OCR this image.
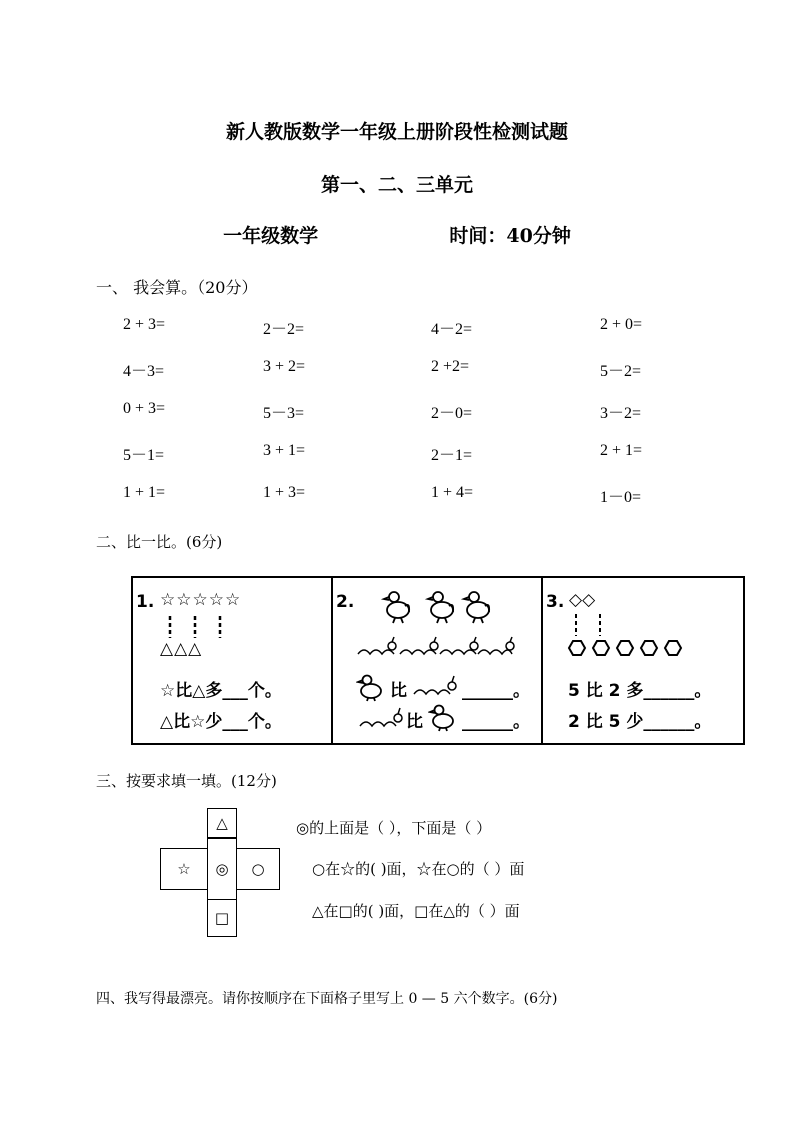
新人教版数学一年级上册阶段性检测试题
第一、二、三单元
一年级数学	时间：40分钟
一、 我会算。（20分）
2 + 3=	2－2=	4－2=	2 + 0=
4－3=	3 + 2=	2 +2=	5－2=
0 + 3=	5－3=	2－0=	3－2=
5－1=	3 + 1=	2－1=	2 + 1=
1 + 1=	1 + 3=	1 + 4=	1－0=
二、比一比。(6分)
1. ☆☆☆☆☆
△△△
☆比△多___个。
△比☆少___个。
2.
比	______。
比 ______。
3. ◇◇
5 比 2 多______。
2 比 5 少______。
三、按要求填一填。(12分)
△
☆	◎	○
□
◎的上面是（ ），下面是（ ）
○在☆的( )面，☆在○的（ ）面
△在□的( )面，□在△的（ ）面
四、我写得最漂亮。请你按顺序在下面格子里写上 0 — 5 六个数字。(6分)
